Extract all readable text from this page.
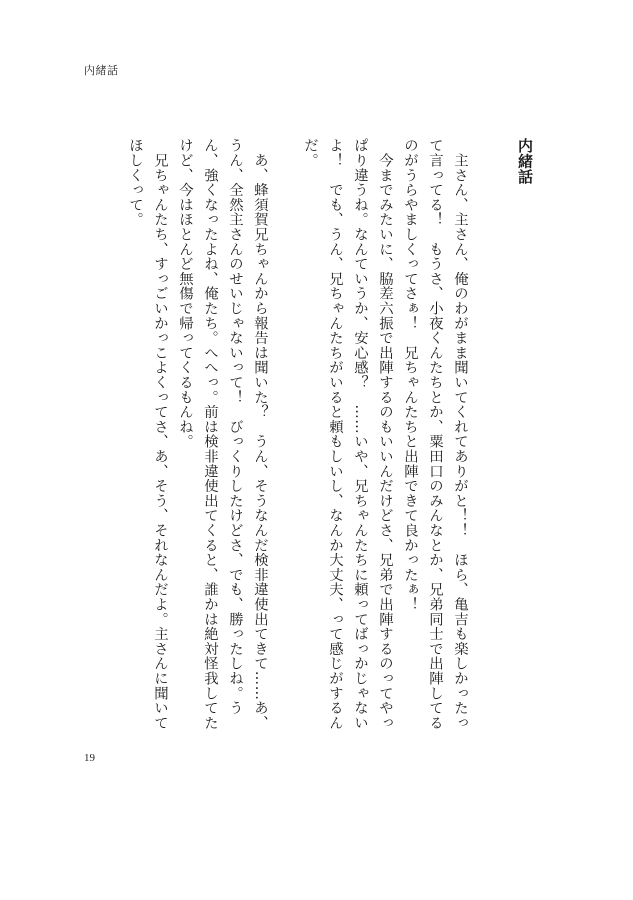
内緒話
内緒話
　主さん、主さん、俺のわがまま聞いてくれてありがと！！　ほら、亀吉も楽しかったっ
て言ってる！　もうさ、小夜くんたちとか、粟田口のみんなとか、兄弟同士で出陣してる
のがうらやましくってさぁ！　兄ちゃんたちと出陣できて良かったぁ！
　今までみたいに、脇差六振で出陣するのもいいんだけどさ、兄弟で出陣するのってやっ
ぱり違うね。なんていうか、安心感？　……いや、兄ちゃんたちに頼ってばっかじゃない
よ！　でも、うん、兄ちゃんたちがいると頼もしいし、なんか大丈夫、って感じがするん
だ。
　あ、蜂須賀兄ちゃんから報告は聞いた？　うん、そうなんだ検非違使出てきて……あ、
うん、全然主さんのせいじゃないって！　びっくりしたけどさ、でも、勝ったしね。う
ん、強くなったよね、俺たち。へへっ。前は検非違使出てくると、誰かは絶対怪我してた
けど、今はほとんど無傷で帰ってくるもんね。
　兄ちゃんたち、すっごいかっこよくってさ、あ、そう、それなんだよ。主さんに聞いて
ほしくって。
19
